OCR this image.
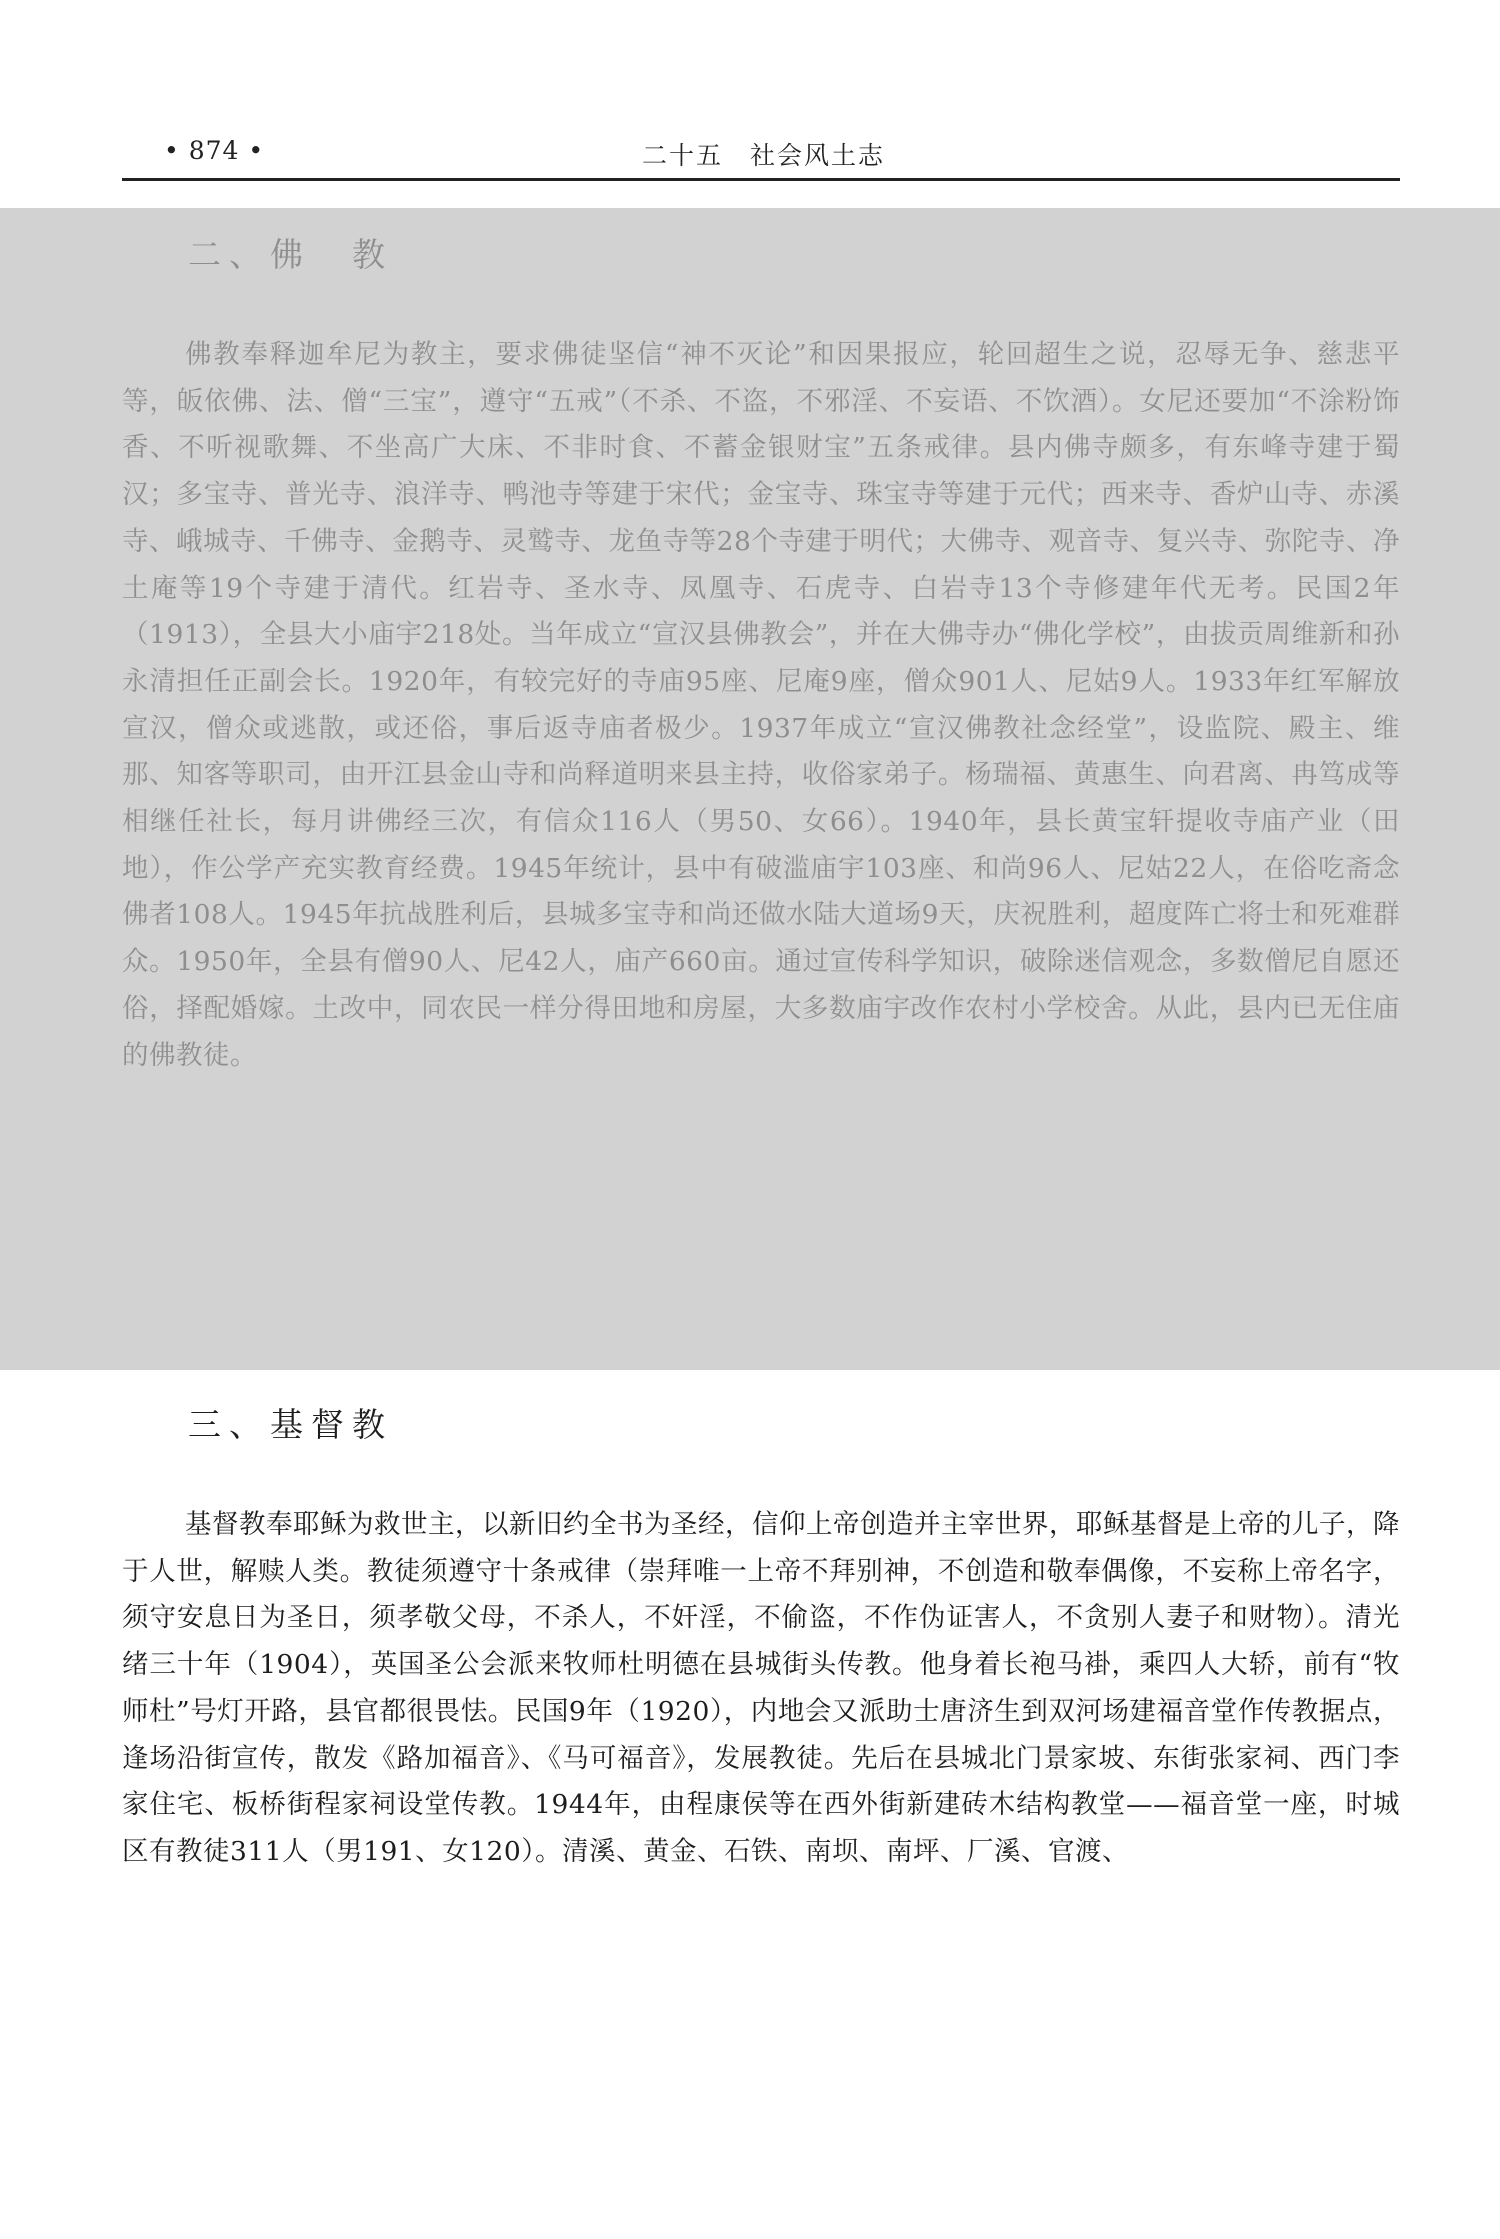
• 874 •	二十五　社会风土志
二、佛　教

佛教奉释迦牟尼为教主，要求佛徒坚信“神不灭论”和因果报应，轮回超生之说，忍辱无争、慈悲平等，皈依佛、法、僧“三宝”，遵守“五戒”（不杀、不盗，不邪淫、不妄语、不饮酒）。女尼还要加“不涂粉饰香、不听视歌舞、不坐高广大床、不非时食、不蓄金银财宝”五条戒律。县内佛寺颇多，有东峰寺建于蜀汉；多宝寺、普光寺、浪洋寺、鸭池寺等建于宋代；金宝寺、珠宝寺等建于元代；西来寺、香炉山寺、赤溪寺、峨城寺、千佛寺、金鹅寺、灵鹫寺、龙鱼寺等28个寺建于明代；大佛寺、观音寺、复兴寺、弥陀寺、净土庵等19个寺建于清代。红岩寺、圣水寺、凤凰寺、石虎寺、白岩寺13个寺修建年代无考。民国2年（1913），全县大小庙宇218处。当年成立“宣汉县佛教会”，并在大佛寺办“佛化学校”，由拔贡周维新和孙永清担任正副会长。1920年，有较完好的寺庙95座、尼庵9座，僧众901人、尼姑9人。1933年红军解放宣汉，僧众或逃散，或还俗，事后返寺庙者极少。1937年成立“宣汉佛教社念经堂”，设监院、殿主、维那、知客等职司，由开江县金山寺和尚释道明来县主持，收俗家弟子。杨瑞福、黄惠生、向君离、冉笃成等相继任社长，每月讲佛经三次，有信众116人（男50、女66）。1940年，县长黄宝轩提收寺庙产业（田地），作公学产充实教育经费。1945年统计，县中有破滥庙宇103座、和尚96人、尼姑22人，在俗吃斋念佛者108人。1945年抗战胜利后，县城多宝寺和尚还做水陆大道场9天，庆祝胜利，超度阵亡将士和死难群众。1950年，全县有僧90人、尼42人，庙产660亩。通过宣传科学知识，破除迷信观念，多数僧尼自愿还俗，择配婚嫁。土改中，同农民一样分得田地和房屋，大多数庙宇改作农村小学校舍。从此，县内已无住庙的佛教徒。

三、基督教

基督教奉耶稣为救世主，以新旧约全书为圣经，信仰上帝创造并主宰世界，耶稣基督是上帝的儿子，降于人世，解赎人类。教徒须遵守十条戒律（崇拜唯一上帝不拜别神，不创造和敬奉偶像，不妄称上帝名字，须守安息日为圣日，须孝敬父母，不杀人，不奸淫，不偷盗，不作伪证害人，不贪别人妻子和财物）。清光绪三十年（1904），英国圣公会派来牧师杜明德在县城街头传教。他身着长袍马褂，乘四人大轿，前有“牧师杜”号灯开路，县官都很畏怯。民国9年（1920），内地会又派助士唐济生到双河场建福音堂作传教据点，逢场沿街宣传，散发《路加福音》、《马可福音》，发展教徒。先后在县城北门景家坡、东街张家祠、西门李家住宅、板桥街程家祠设堂传教。1944年，由程康侯等在西外街新建砖木结构教堂——福音堂一座，时城区有教徒311人（男191、女120）。清溪、黄金、石铁、南坝、南坪、厂溪、官渡、
